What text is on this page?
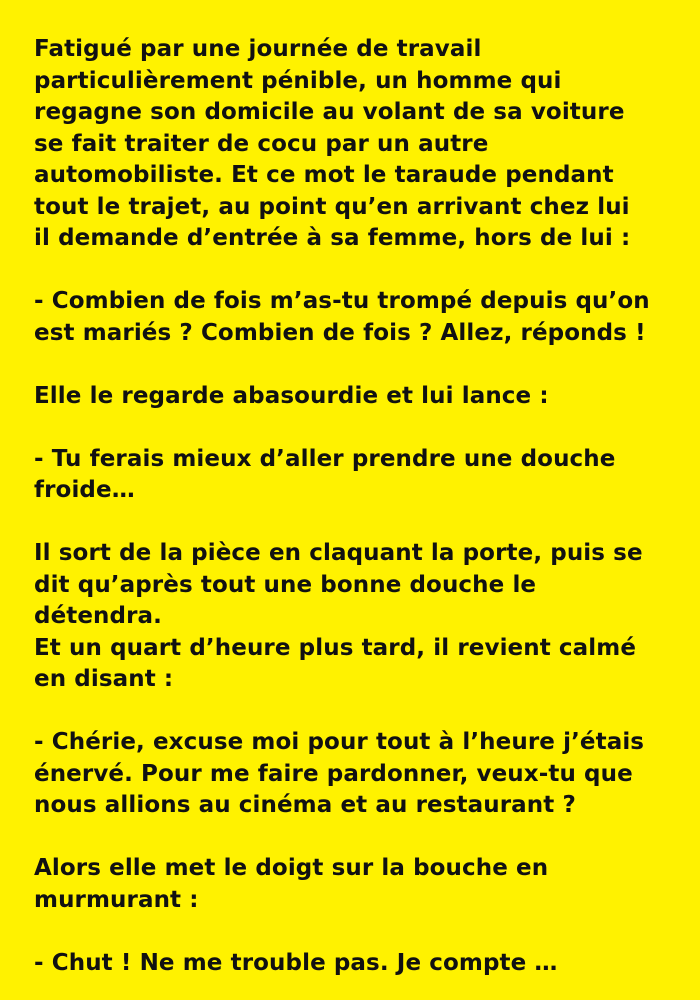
Fatigué par une journée de travail
particulièrement pénible, un homme qui
regagne son domicile au volant de sa voiture
se fait traiter de cocu par un autre
automobiliste. Et ce mot le taraude pendant
tout le trajet, au point qu’en arrivant chez lui
il demande d’entrée à sa femme, hors de lui :

- Combien de fois m’as-tu trompé depuis qu’on
est mariés ? Combien de fois ? Allez, réponds !

Elle le regarde abasourdie et lui lance :

- Tu ferais mieux d’aller prendre une douche
froide…

Il sort de la pièce en claquant la porte, puis se
dit qu’après tout une bonne douche le
détendra.
Et un quart d’heure plus tard, il revient calmé
en disant :

- Chérie, excuse moi pour tout à l’heure j’étais
énervé. Pour me faire pardonner, veux-tu que
nous allions au cinéma et au restaurant ?

Alors elle met le doigt sur la bouche en
murmurant :

- Chut ! Ne me trouble pas. Je compte …
